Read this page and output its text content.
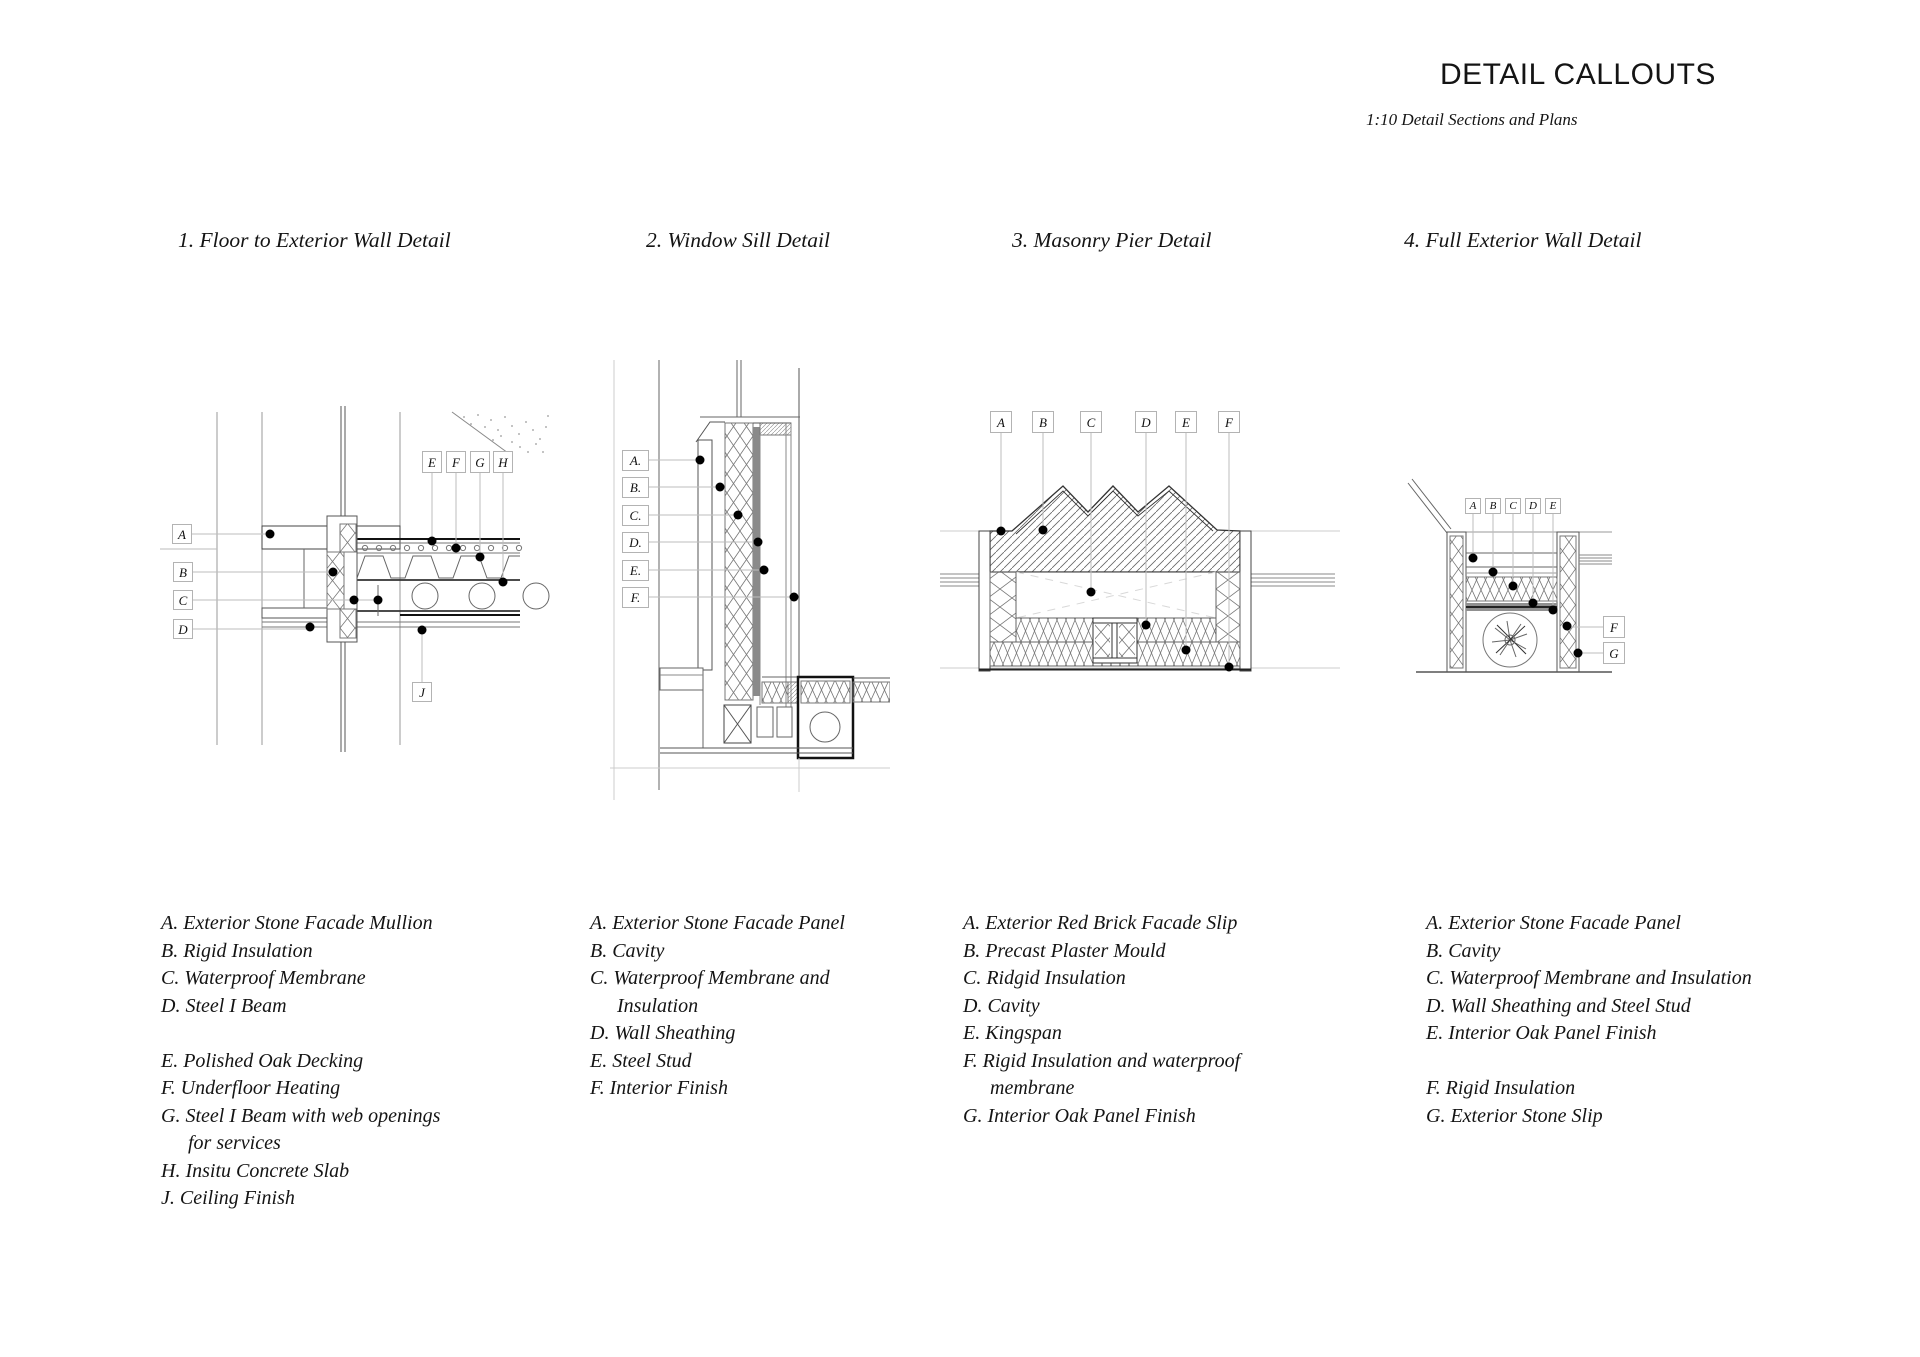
DETAIL CALLOUTS
1:10 Detail Sections and Plans
1. Floor to Exterior Wall Detail	2. Window Sill Detail	3. Masonry Pier Detail	4. Full Exterior Wall Detail
A
B
C
D
E	F	G	H
J
A.
B.
C.
D.
E.
F.
A	B	C	D	E	F
A	B	C	D	E
F
G
A. Exterior Stone Facade Mullion
B. Rigid Insulation
C. Waterproof Membrane
D. Steel I Beam
E. Polished Oak Decking
F. Underfloor Heating
G. Steel I Beam with web openings
for services
H. Insitu Concrete Slab
J. Ceiling Finish
A. Exterior Stone Facade Panel
B. Cavity
C. Waterproof Membrane and
Insulation
D. Wall Sheathing
E. Steel Stud
F. Interior Finish
A. Exterior Red Brick Facade Slip
B. Precast Plaster Mould
C. Ridgid Insulation
D. Cavity
E. Kingspan
F. Rigid Insulation and waterproof
membrane
G. Interior Oak Panel Finish
A. Exterior Stone Facade Panel
B. Cavity
C. Waterproof Membrane and Insulation
D. Wall Sheathing and Steel Stud
E. Interior Oak Panel Finish
F. Rigid Insulation
G. Exterior Stone Slip
